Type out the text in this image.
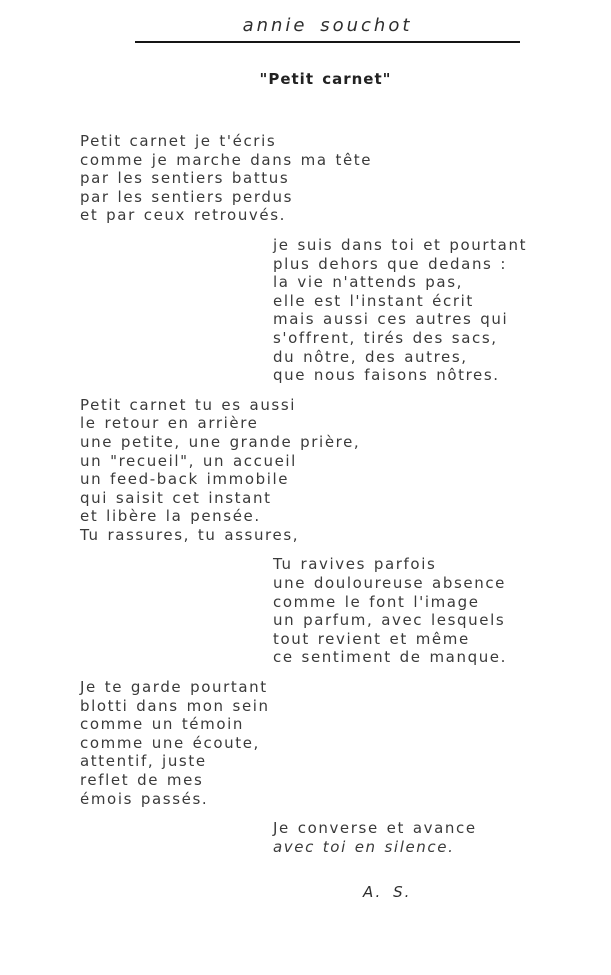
annie souchot
"Petit carnet"
Petit carnet je t'écris
comme je marche dans ma tête
par les sentiers battus
par les sentiers perdus
et par ceux retrouvés.
je suis dans toi et pourtant
plus dehors que dedans :
la vie n'attends pas,
elle est l'instant écrit
mais aussi ces autres qui
s'offrent, tirés des sacs,
du nôtre, des autres,
que nous faisons nôtres.
Petit carnet tu es aussi
le retour en arrière
une petite, une grande prière,
un "recueil", un accueil
un feed-back immobile
qui saisit cet instant
et libère la pensée.
Tu rassures, tu assures,
Tu ravives parfois
une douloureuse absence
comme le font l'image
un parfum, avec lesquels
tout revient et même
ce sentiment de manque.
Je te garde pourtant
blotti dans mon sein
comme un témoin
comme une écoute,
attentif, juste
reflet de mes
émois passés.
Je converse et avance
avec toi en silence.
A. S.
